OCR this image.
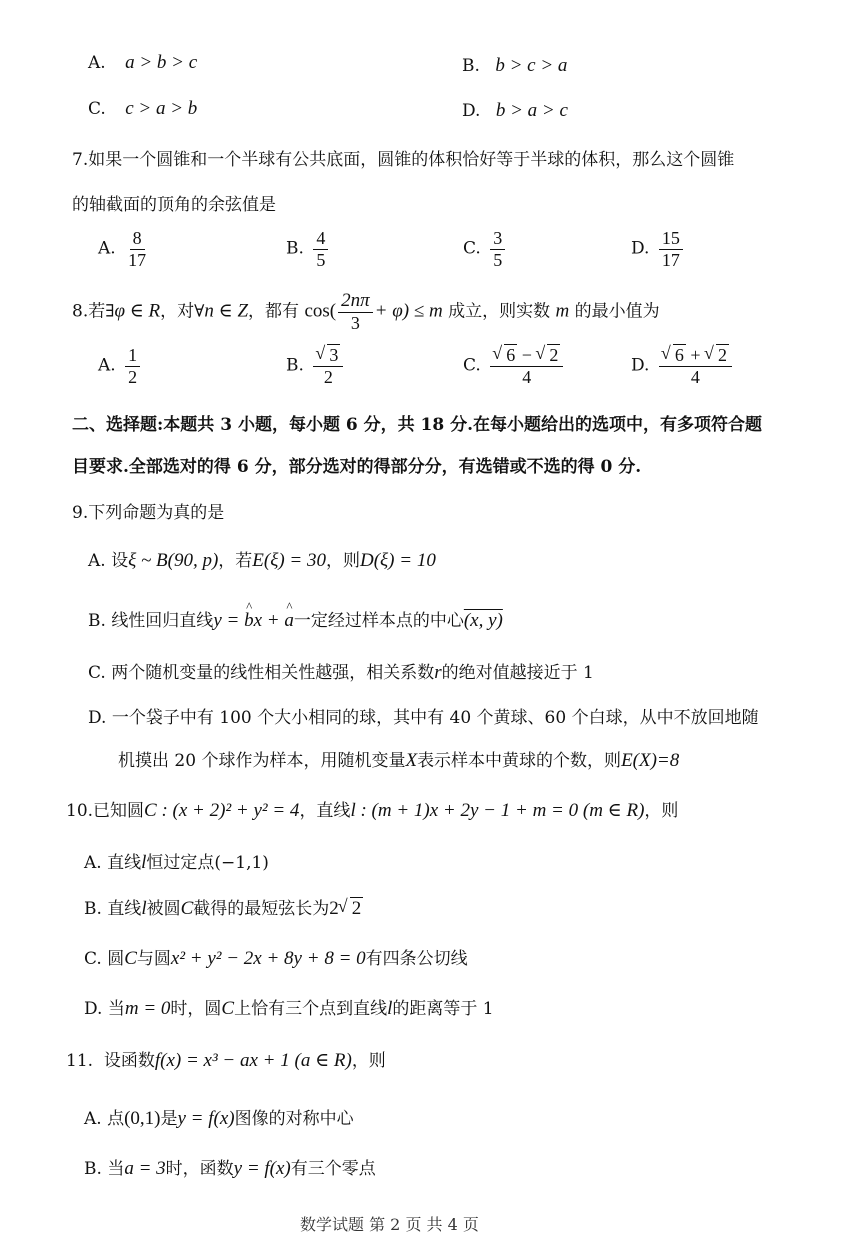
A. a > b > c	B. b > c > a
C. c > a > b	D. b > a > c
7.如果一个圆锥和一个半球有公共底面，圆锥的体积恰好等于半球的体积，那么这个圆锥
的轴截面的顶角的余弦值是
A. $\frac{8}{17}$	B. $\frac{4}{5}$	C. $\frac{3}{5}$	D. $\frac{15}{17}$
8.若∃φ ∈ R，对∀n ∈ Z，都有 $\cos( \frac{2n\pi}{3} + \varphi) \le m$ 成立，则实数 m 的最小值为
A. $\frac{1}{2}$	B. √ $\frac{3}{2}$	C. √ $\frac{6 - √ 2}{4}$	D. √ $\frac{6 + √ 2}{4}$
二、选择题:本题共 3 小题，每小题 6 分，共 18 分.在每小题给出的选项中，有多项符合题
目要求.全部选对的得 6 分，部分选对的得部分分，有选错或不选的得 0 分.
9.下列命题为真的是
A. 设ξ ~ B(90, p)，若E(ξ) = 30，则D(ξ) = 10
B. 线性回归直线y = b ^x + a ^一定经过样本点的中心(x, y)
C. 两个随机变量的线性相关性越强，相关系数r的绝对值越接近于 1
D. 一个袋子中有 100 个大小相同的球，其中有 40 个黄球、60 个白球，从中不放回地随
机摸出 20 个球作为样本，用随机变量X表示样本中黄球的个数，则E(X)=8
10.已知圆C : (x + 2)² + y² = 4，直线l : (m + 1)x + 2y − 1 + m = 0 (m ∈ R)，则
A. 直线l恒过定点(−1,1)
B. 直线l被圆C截得的最短弦长为2 √ 2
C. 圆C与圆x² + y² − 2x + 8y + 8 = 0有四条公切线
D. 当m = 0时，圆C上恰有三个点到直线l的距离等于 1
11.  设函数f(x) = x³ − ax + 1 (a ∈ R)，则
A. 点(0,1)是y = f(x)图像的对称中心
B. 当a = 3时，函数y = f(x)有三个零点
数学试题 第 2 页 共 4 页
